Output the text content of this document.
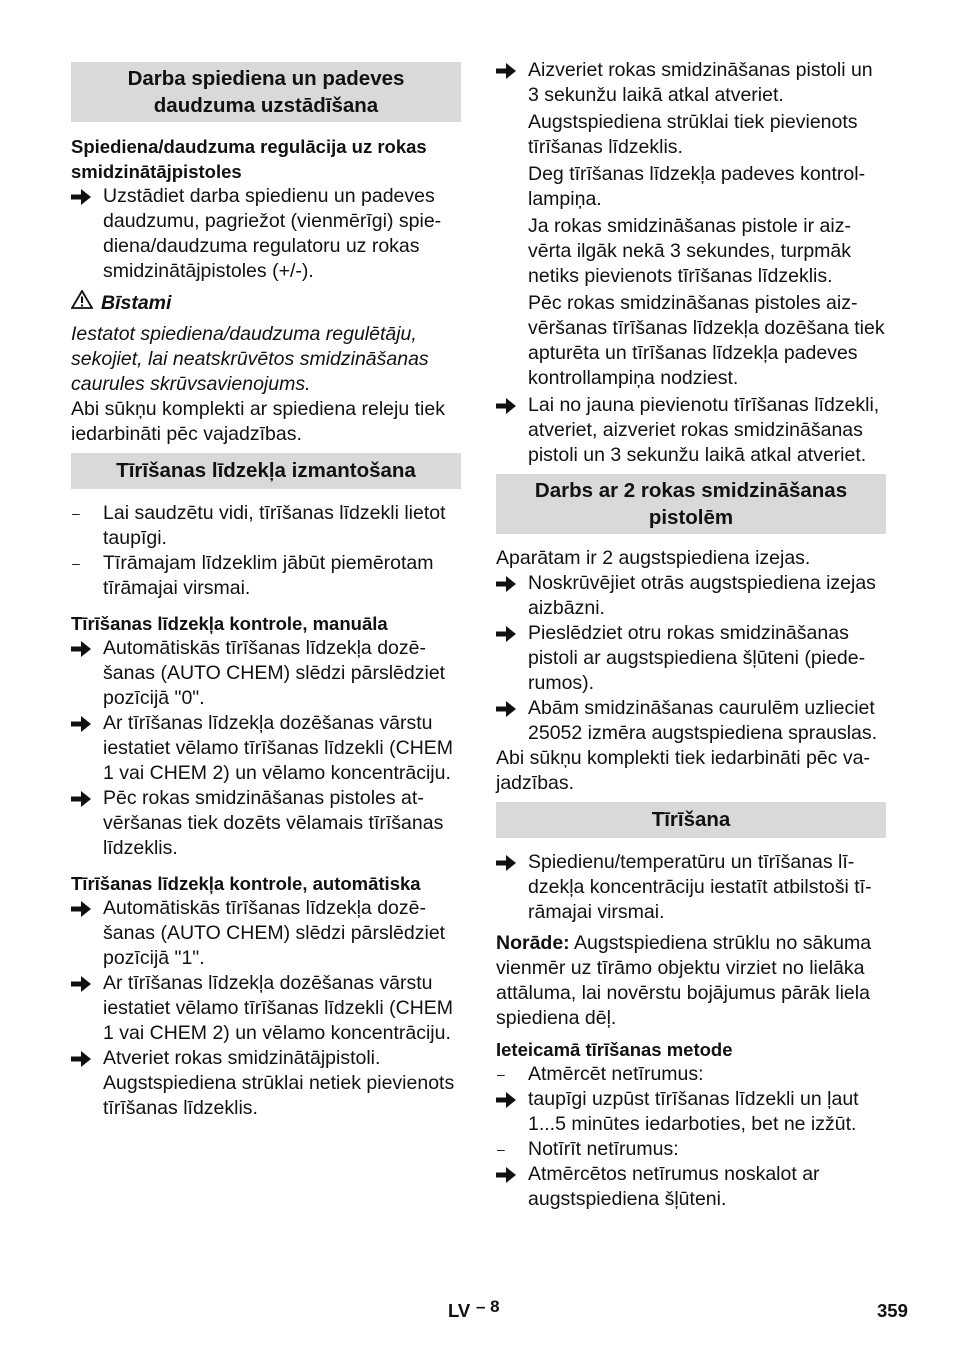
Darba spiediena un padeves daudzuma uzstādīšana

Spiediena/daudzuma regulācija uz rokas smidzinātājpistoles

Uzstādiet darba spiedienu un padeves daudzumu, pagriežot (vienmērīgi) spiediena/daudzuma regulatoru uz rokas smidzinātājpistoles (+/-).
Bīstami

Iestatot spiediena/daudzuma regulētāju, sekojiet, lai neatskrūvētos smidzināšanas caurules skrūvsavienojums.

Abi sūkņu komplekti ar spiediena releju tiek iedarbināti pēc vajadzības.

Tīrīšanas līdzekļa izmantošana
–	Lai saudzētu vidi, tīrīšanas līdzekli lietot taupīgi.
–	Tīrāmajam līdzeklim jābūt piemērotam tīrāmajai virsmai.

Tīrīšanas līdzekļa kontrole, manuāla

Automātiskās tīrīšanas līdzekļa dozēšanas (AUTO CHEM) slēdzi pārslēdziet pozīcijā "0".
Ar tīrīšanas līdzekļa dozēšanas vārstu iestatiet vēlamo tīrīšanas līdzekli (CHEM 1 vai CHEM 2) un vēlamo koncentrāciju.
Pēc rokas smidzināšanas pistoles atvēršanas tiek dozēts vēlamais tīrīšanas līdzeklis.

Tīrīšanas līdzekļa kontrole, automātiska

Automātiskās tīrīšanas līdzekļa dozēšanas (AUTO CHEM) slēdzi pārslēdziet pozīcijā "1".
Ar tīrīšanas līdzekļa dozēšanas vārstu iestatiet vēlamo tīrīšanas līdzekli (CHEM 1 vai CHEM 2) un vēlamo koncentrāciju.
Atveriet rokas smidzinātājpistoli.

Augstspiediena strūklai netiek pievienots tīrīšanas līdzeklis.

Aizveriet rokas smidzināšanas pistoli un 3 sekunžu laikā atkal atveriet.

Augstspiediena strūklai tiek pievienots tīrīšanas līdzeklis.

Deg tīrīšanas līdzekļa padeves kontrollampiņa.

Ja rokas smidzināšanas pistole ir aizvērta ilgāk nekā 3 sekundes, turpmāk netiks pievienots tīrīšanas līdzeklis.

Pēc rokas smidzināšanas pistoles aizvēršanas tīrīšanas līdzekļa dozēšana tiek apturēta un tīrīšanas līdzekļa padeves kontrollampiņa nodziest.

Lai no jauna pievienotu tīrīšanas līdzekli, atveriet, aizveriet rokas smidzināšanas pistoli un 3 sekunžu laikā atkal atveriet.
Darbs ar 2 rokas smidzināšanas pistolēm

Aparātam ir 2 augstspiediena izejas.

Noskrūvējiet otrās augstspiediena izejas aizbāzni.
Pieslēdziet otru rokas smidzināšanas pistoli ar augstspiediena šļūteni (piederumos).
Abām smidzināšanas caurulēm uzlieciet 25052 izmēra augstspiediena sprauslas.

Abi sūkņu komplekti tiek iedarbināti pēc vajadzības.

Tīrīšana
Spiedienu/temperatūru un tīrīšanas līdzekļa koncentrāciju iestatīt atbilstoši tīrāmajai virsmai.

Norāde: Augstspiediena strūklu no sākuma vienmēr uz tīrāmo objektu virziet no lielāka attāluma, lai novērstu bojājumus pārāk liela spiediena dēļ.

Ieteicamā tīrīšanas metode

–	Atmērcēt netīrumus:
taupīgi uzpūst tīrīšanas līdzekli un ļaut 1...5 minūtes iedarboties, bet ne izžūt.
–	Notīrīt netīrumus:
Atmērcētos netīrumus noskalot ar augstspiediena šļūteni.
LV – 8	359
